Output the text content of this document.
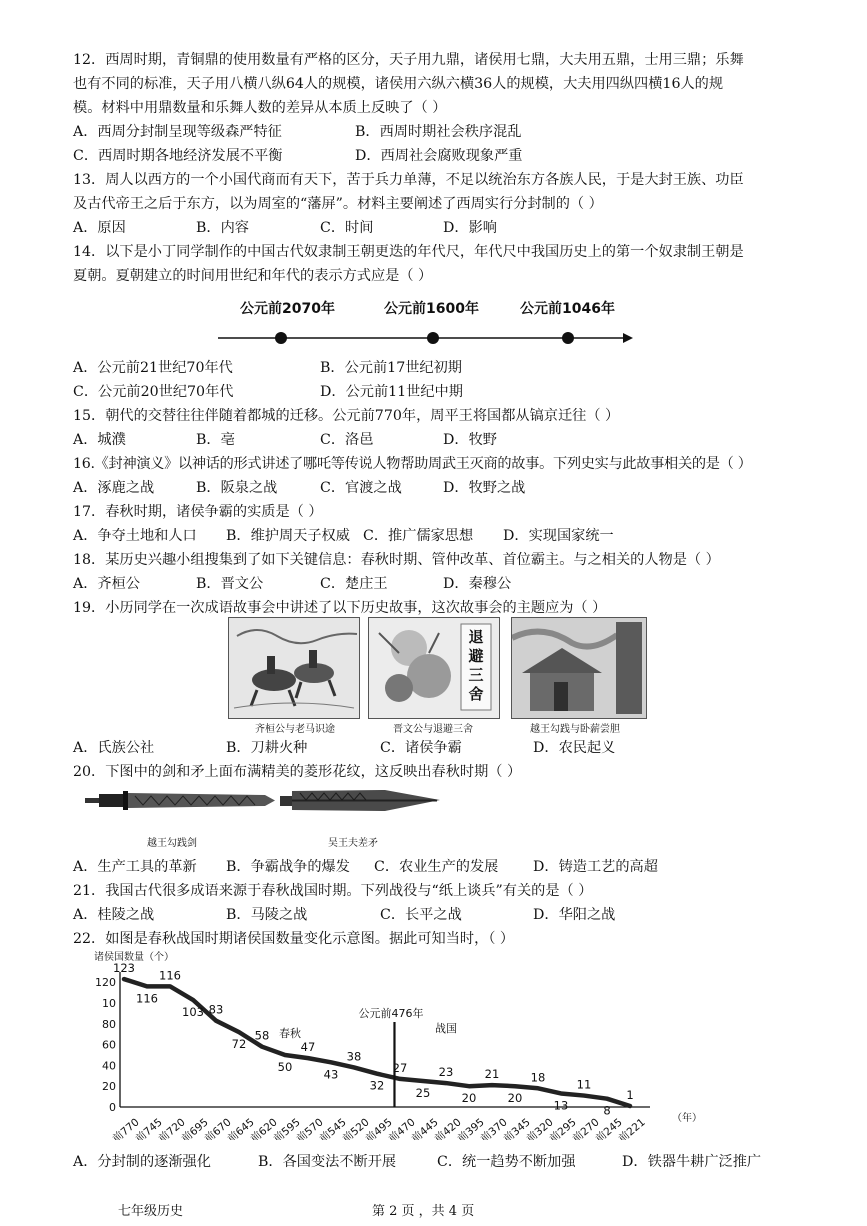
12．西周时期，青铜鼎的使用数量有严格的区分，天子用九鼎，诸侯用七鼎，大夫用五鼎，士用三鼎；乐舞
也有不同的标准，天子用八横八纵64人的规模，诸侯用六纵六横36人的规模，大夫用四纵四横16人的规
模。材料中用鼎数量和乐舞人数的差异从本质上反映了（ ）
A．西周分封制呈现等级森严特征	B．西周时期社会秩序混乱
C．西周时期各地经济发展不平衡	D．西周社会腐败现象严重
13．周人以西方的一个小国代商而有天下，苦于兵力单薄，不足以统治东方各族人民，于是大封王族、功臣
及古代帝王之后于东方，以为周室的“藩屏”。材料主要阐述了西周实行分封制的（ ）
A．原因	B．内容	C．时间	D．影响
14．以下是小丁同学制作的中国古代奴隶制王朝更迭的年代尺，年代尺中我国历史上的第一个奴隶制王朝是
夏朝。夏朝建立的时间用世纪和年代的表示方式应是（ ）
公元前2070年	公元前1600年	公元前1046年
A．公元前21世纪70年代	B．公元前17世纪初期
C．公元前20世纪70年代	D．公元前11世纪中期
15．朝代的交替往往伴随着都城的迁移。公元前770年，周平王将国都从镐京迁往（ ）
A．城濮	B．亳	C．洛邑	D．牧野
16.《封神演义》以神话的形式讲述了哪吒等传说人物帮助周武王灭商的故事。下列史实与此故事相关的是（ ）
A．涿鹿之战	B．阪泉之战	C．官渡之战	D．牧野之战
17．春秋时期，诸侯争霸的实质是（ ）
A．争夺土地和人口 B．维护周天子权威 C．推广儒家思想 D．实现国家统一
18．某历史兴趣小组搜集到了如下关键信息：春秋时期、管仲改革、首位霸主。与之相关的人物是（ ）
A．齐桓公	B．晋文公	C．楚庄王	D．秦穆公
19．小历同学在一次成语故事会中讲述了以下历史故事，这次故事会的主题应为（ ）
退避三舍
齐桓公与老马识途	晋文公与退避三舍	越王勾践与卧薪尝胆
A．氏族公社	B．刀耕火种	C．诸侯争霸	D．农民起义
20．下图中的剑和矛上面布满精美的菱形花纹，这反映出春秋时期（ ）
越王勾践剑	吴王夫差矛
A．生产工具的革新 B．争霸战争的爆发 C．农业生产的发展 D．铸造工艺的高超
21．我国古代很多成语来源于春秋战国时期。下列战役与“纸上谈兵”有关的是（ ）
A．桂陵之战	B．马陵之战	C．长平之战	D．华阳之战
22．如图是春秋战国时期诸侯国数量变化示意图。据此可知当时，（ ）
诸侯国数量（个）
0
20
40
60
80
10
120
（年）
前770
前745
前720
前695
前670
前645
前620
前595
前570
前545
前520
前495
前470
前445
前420
前395
前370
前345
前320
前295
前270
前245
前221
123
116
116
103 83
72
58
50
47
43
38
32
27
25
23
20
21
20
18
13
11
8
1
公元前476年
春秋	战国
A．分封制的逐渐强化	B．各国变法不断开展	C．统一趋势不断加强	D．铁器牛耕广泛推广
七年级历史	第 2 页 ，共 4 页
